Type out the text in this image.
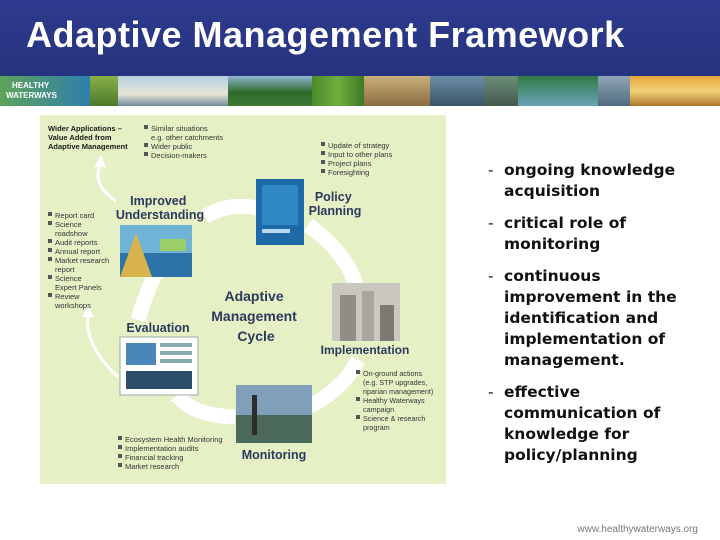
Adaptive Management Framework
HEALTHY
WATERWAYS
Adaptive Management Cycle
Improved Understanding
Policy Planning
Implementation
Monitoring
Evaluation
Wider Applications – Value Added from Adaptive Management
Similar situations e.g. other catchments Wider public Decision-makers
Update of strategy Input to other plans Project plans Foresighting
Report card Science roadshow Audit reports Annual report Market research report Science Expert Panels Review workshops
On-ground actions (e.g. STP upgrades, riparian management) Healthy Waterways campaign Science & research program
Ecosystem Health Monitoring Implementation audits Financial tracking Market research
- ongoing knowledge acquisition
- critical role of monitoring
- continuous improvement in the identification and implementation of management.
- effective communication of knowledge for policy/planning
www.healthywaterways.org
